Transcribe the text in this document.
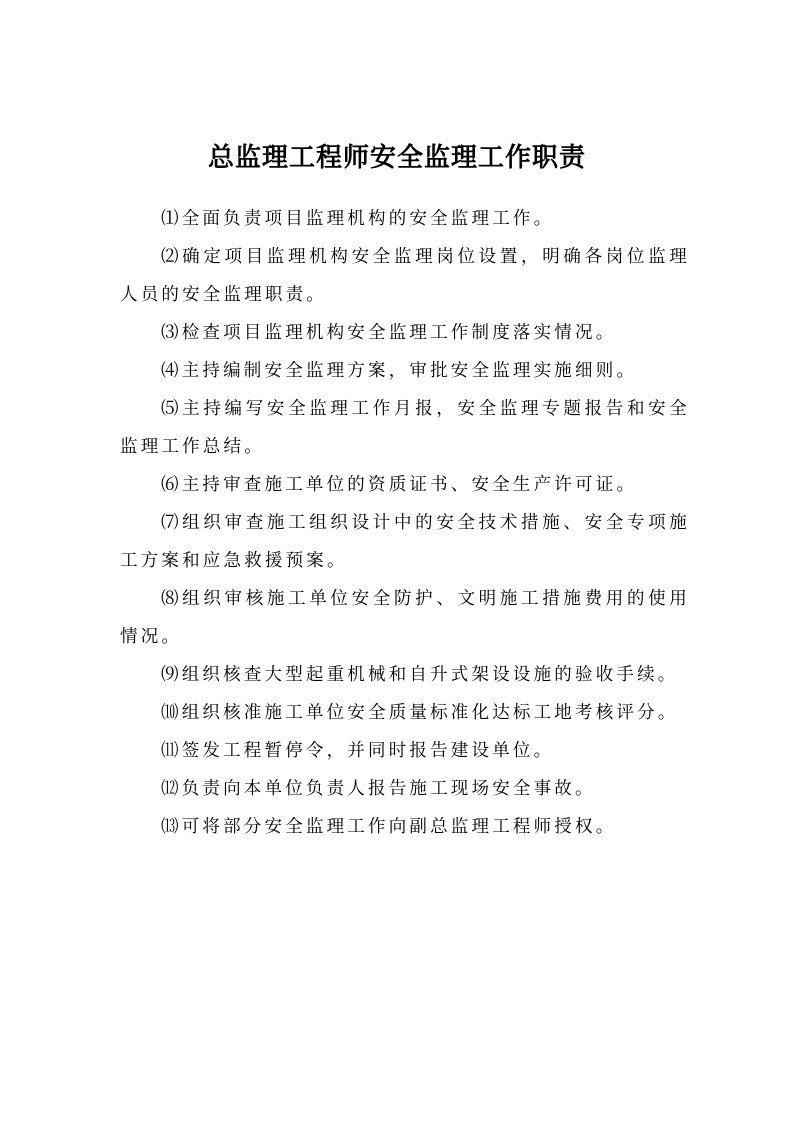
总监理工程师安全监理工作职责

⑴全面负责项目监理机构的安全监理工作。

⑵确定项目监理机构安全监理岗位设置，明确各岗位监理人员的安全监理职责。

⑶检查项目监理机构安全监理工作制度落实情况。

⑷主持编制安全监理方案，审批安全监理实施细则。

⑸主持编写安全监理工作月报，安全监理专题报告和安全监理工作总结。

⑹主持审查施工单位的资质证书、安全生产许可证。

⑺组织审查施工组织设计中的安全技术措施、安全专项施工方案和应急救援预案。

⑻组织审核施工单位安全防护、文明施工措施费用的使用情况。

⑼组织核查大型起重机械和自升式架设设施的验收手续。

⑽组织核准施工单位安全质量标准化达标工地考核评分。

⑾签发工程暂停令，并同时报告建设单位。

⑿负责向本单位负责人报告施工现场安全事故。

⒀可将部分安全监理工作向副总监理工程师授权。
